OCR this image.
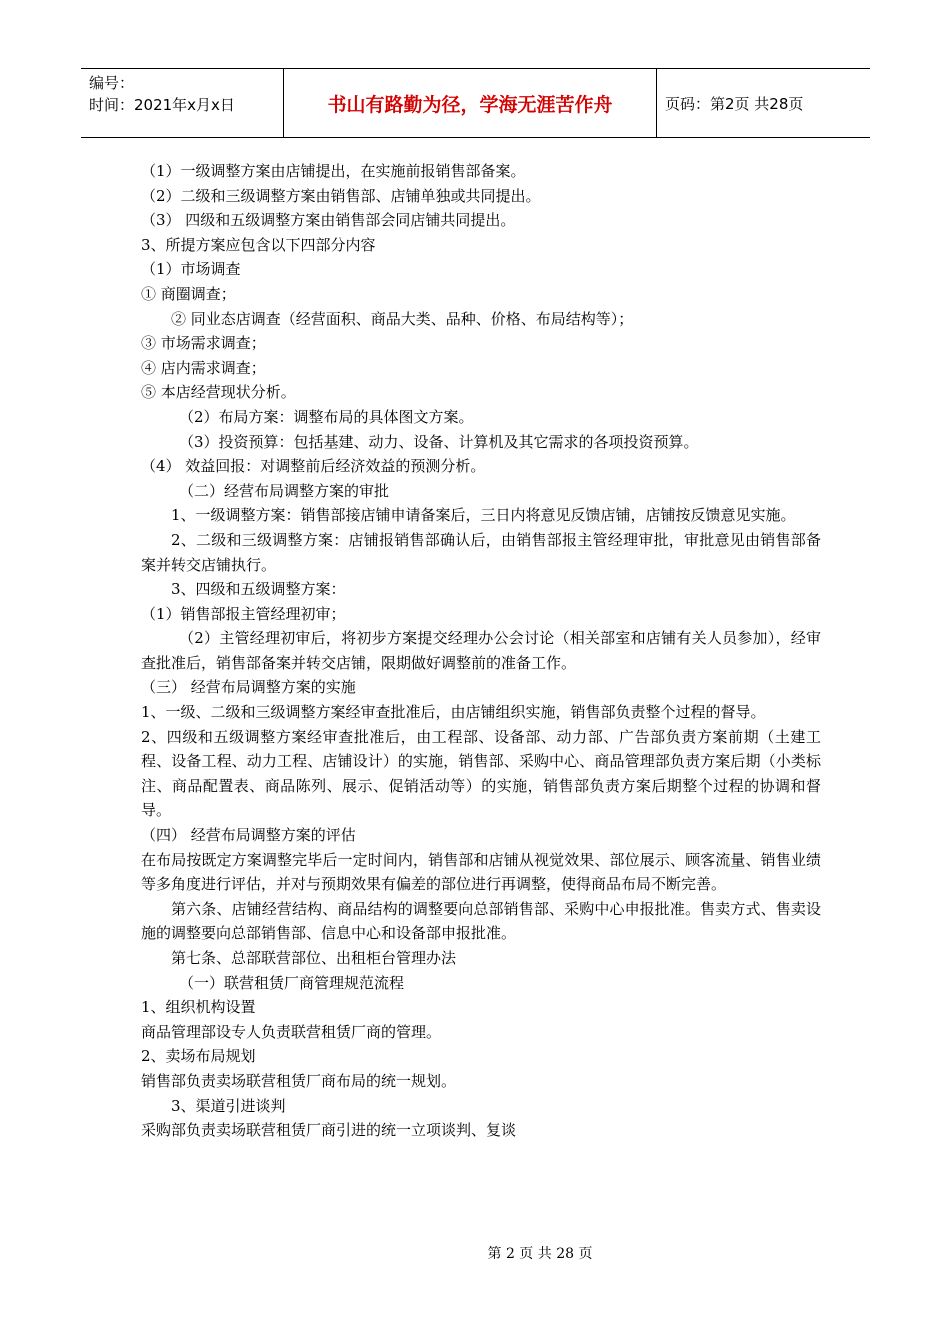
编号：
时间：2021年x月x日	书山有路勤为径，学海无涯苦作舟	页码：第2页 共28页
（1）一级调整方案由店铺提出，在实施前报销售部备案。
（2）二级和三级调整方案由销售部、店铺单独或共同提出。
（3） 四级和五级调整方案由销售部会同店铺共同提出。
3、所提方案应包含以下四部分内容
（1）市场调查
① 商圈调查；
② 同业态店调查（经营面积、商品大类、品种、价格、布局结构等）；
③ 市场需求调查；
④ 店内需求调查；
⑤ 本店经营现状分析。
（2）布局方案：调整布局的具体图文方案。
（3）投资预算：包括基建、动力、设备、计算机及其它需求的各项投资预算。
（4） 效益回报：对调整前后经济效益的预测分析。
（二）经营布局调整方案的审批
1、一级调整方案：销售部接店铺申请备案后，三日内将意见反馈店铺，店铺按反馈意见实施。
2、二级和三级调整方案：店铺报销售部确认后，由销售部报主管经理审批，审批意见由销售部备案并转交店铺执行。
3、四级和五级调整方案：
（1）销售部报主管经理初审；
（2）主管经理初审后，将初步方案提交经理办公会讨论（相关部室和店铺有关人员参加），经审查批准后，销售部备案并转交店铺，限期做好调整前的准备工作。
（三） 经营布局调整方案的实施
1、一级、二级和三级调整方案经审查批准后，由店铺组织实施，销售部负责整个过程的督导。
2、四级和五级调整方案经审查批准后，由工程部、设备部、动力部、广告部负责方案前期（土建工程、设备工程、动力工程、店铺设计）的实施，销售部、采购中心、商品管理部负责方案后期（小类标注、商品配置表、商品陈列、展示、促销活动等）的实施，销售部负责方案后期整个过程的协调和督导。
（四） 经营布局调整方案的评估
在布局按既定方案调整完毕后一定时间内，销售部和店铺从视觉效果、部位展示、顾客流量、销售业绩等多角度进行评估，并对与预期效果有偏差的部位进行再调整，使得商品布局不断完善。
第六条、店铺经营结构、商品结构的调整要向总部销售部、采购中心申报批准。售卖方式、售卖设施的调整要向总部销售部、信息中心和设备部申报批准。
第七条、总部联营部位、出租柜台管理办法
（一）联营租赁厂商管理规范流程
1、组织机构设置
商品管理部设专人负责联营租赁厂商的管理。
2、卖场布局规划
销售部负责卖场联营租赁厂商布局的统一规划。
3、渠道引进谈判
采购部负责卖场联营租赁厂商引进的统一立项谈判、复谈
第 2 页 共 28 页
